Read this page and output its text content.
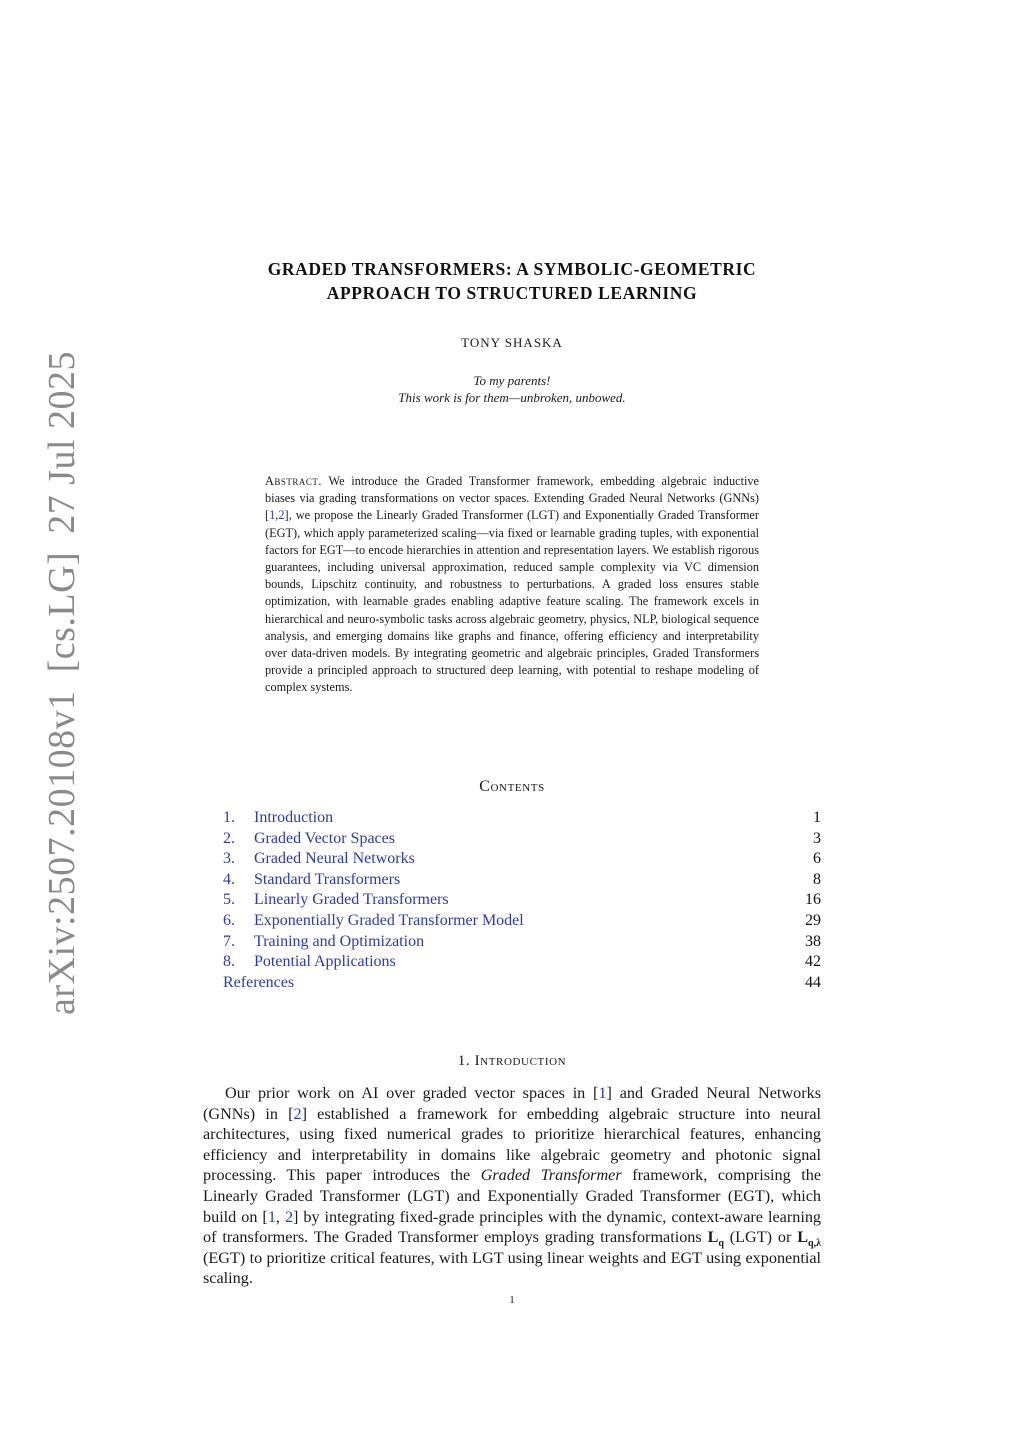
arXiv:2507.20108v1[cs.LG]27 Jul 2025
GRADED TRANSFORMERS: A SYMBOLIC-GEOMETRIC
APPROACH TO STRUCTURED LEARNING
TONY SHASKA
To my parents!
This work is for them—unbroken, unbowed.
Abstract. We introduce the Graded Transformer framework, embedding algebraic inductive biases via grading transformations on vector spaces. Extending Graded Neural Networks (GNNs) [1,2], we propose the Linearly Graded Transformer (LGT) and Exponentially Graded Transformer (EGT), which apply parameterized scaling—via fixed or learnable grading tuples, with exponential factors for EGT—to encode hierarchies in attention and representation layers. We establish rigorous guarantees, including universal approximation, reduced sample complexity via VC dimension bounds, Lipschitz continuity, and robustness to perturbations. A graded loss ensures stable optimization, with learnable grades enabling adaptive feature scaling. The framework excels in hierarchical and neuro-symbolic tasks across algebraic geometry, physics, NLP, biological sequence analysis, and emerging domains like graphs and finance, offering efficiency and interpretability over data-driven models. By integrating geometric and algebraic principles, Graded Transformers provide a principled approach to structured deep learning, with potential to reshape modeling of complex systems.
Contents
1.	Introduction	1
2.	Graded Vector Spaces	3
3.	Graded Neural Networks	6
4.	Standard Transformers	8
5.	Linearly Graded Transformers	16
6.	Exponentially Graded Transformer Model	29
7.	Training and Optimization	38
8.	Potential Applications	42
References	44
1. Introduction
Our prior work on AI over graded vector spaces in [1] and Graded Neural Networks (GNNs) in [2] established a framework for embedding algebraic structure into neural architectures, using fixed numerical grades to prioritize hierarchical features, enhancing efficiency and interpretability in domains like algebraic geometry and photonic signal processing. This paper introduces the Graded Transformer framework, comprising the Linearly Graded Transformer (LGT) and Exponentially Graded Transformer (EGT), which build on [1, 2] by integrating fixed-grade principles with the dynamic, context-aware learning of transformers. The Graded Transformer employs grading transformations $L_q$ (LGT) or $L_{q,\lambda}$ (EGT) to prioritize critical features, with LGT using linear weights and EGT using exponential scaling.
1
